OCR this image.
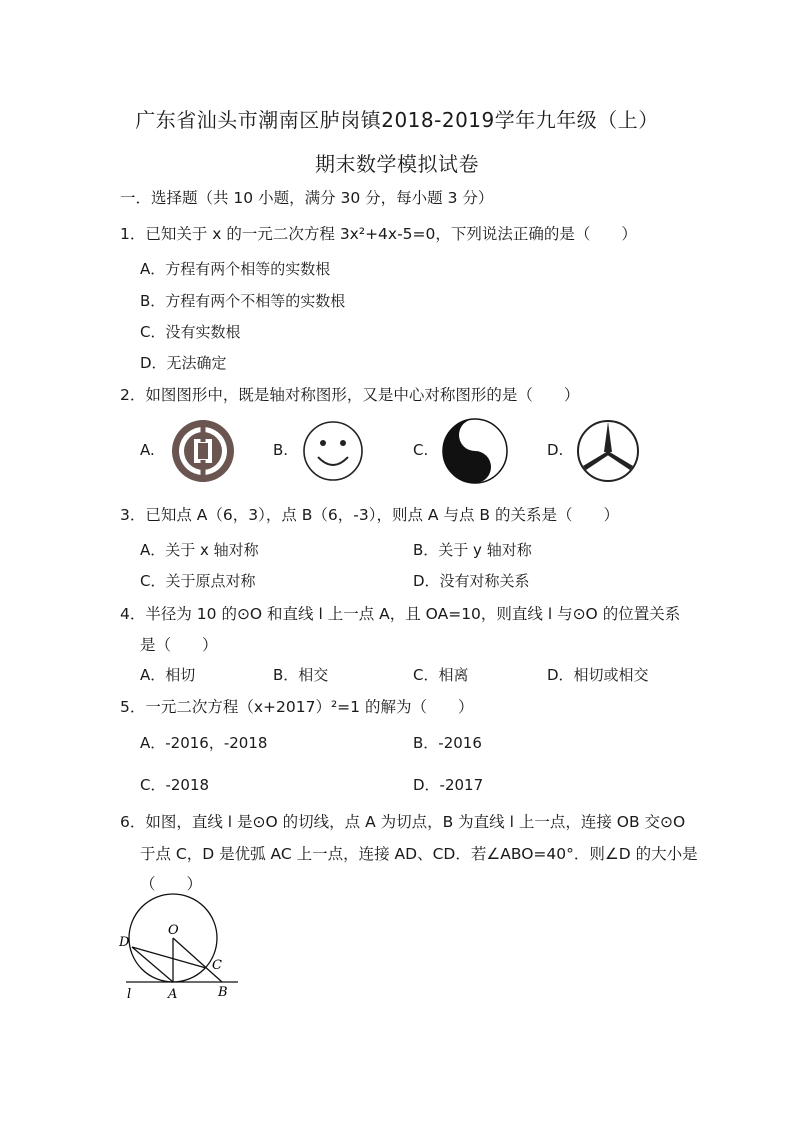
广东省汕头市潮南区胪岗镇2018-2019学年九年级（上）
期末数学模拟试卷
一．选择题（共 10 小题，满分 30 分，每小题 3 分）
1．已知关于 x 的一元二次方程 3x²+4x-5=0，下列说法正确的是（　　）
A．方程有两个相等的实数根
B．方程有两个不相等的实数根
C．没有实数根
D．无法确定
2．如图图形中，既是轴对称图形，又是中心对称图形的是（　　）
A.	B.	C.	D.
3．已知点 A（6，3），点 B（6，-3），则点 A 与点 B 的关系是（　　）
A．关于 x 轴对称	B．关于 y 轴对称
C．关于原点对称	D．没有对称关系
4．半径为 10 的⊙O 和直线 l 上一点 A，且 OA=10，则直线 l 与⊙O 的位置关系
是（　　）
A．相切	B．相交	C．相离	D．相切或相交
5．一元二次方程（x+2017）²=1 的解为（　　）
A．-2016，-2018	B．-2016
C．-2018	D．-2017
6．如图，直线 l 是⊙O 的切线，点 A 为切点，B 为直线 l 上一点，连接 OB 交⊙O
于点 C，D 是优弧 AC 上一点，连接 AD、CD．若∠ABO=40°．则∠D 的大小是
（　　）
O
D
C
l	A	B
